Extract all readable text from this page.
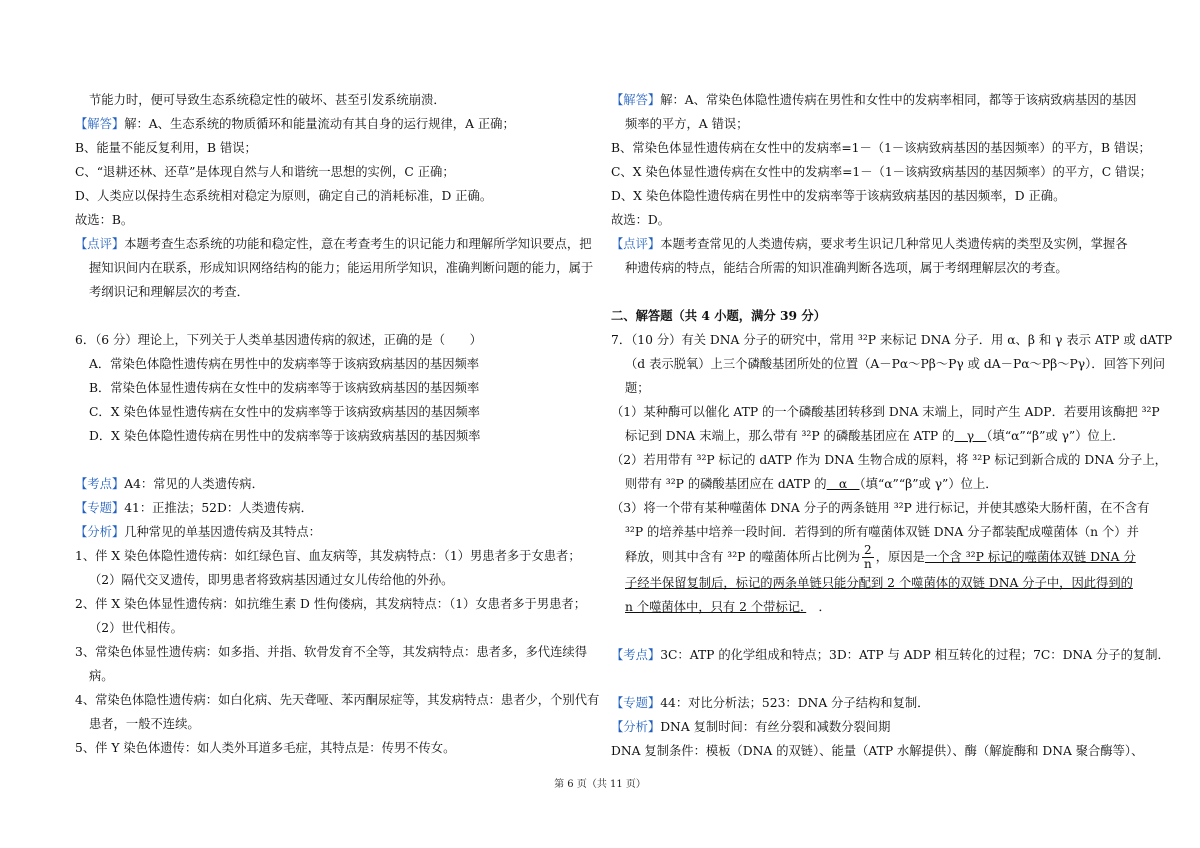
节能力时，便可导致生态系统稳定性的破坏、甚至引发系统崩溃．

【解答】解：A、生态系统的物质循环和能量流动有其自身的运行规律，A 正确；

B、能量不能反复利用，B 错误；

C、“退耕还林、还草”是体现自然与人和谐统一思想的实例，C 正确；

D、人类应以保持生态系统相对稳定为原则，确定自己的消耗标准，D 正确。

故选：B。

【点评】本题考查生态系统的功能和稳定性，意在考查考生的识记能力和理解所学知识要点，把

握知识间内在联系，形成知识网络结构的能力；能运用所学知识，准确判断问题的能力，属于

考纲识记和理解层次的考查．

6．（6 分）理论上，下列关于人类单基因遗传病的叙述，正确的是（　　）

A．常染色体隐性遗传病在男性中的发病率等于该病致病基因的基因频率

B．常染色体显性遗传病在女性中的发病率等于该病致病基因的基因频率

C．X 染色体显性遗传病在女性中的发病率等于该病致病基因的基因频率

D．X 染色体隐性遗传病在男性中的发病率等于该病致病基因的基因频率

【考点】A4：常见的人类遗传病．

【专题】41：正推法；52D：人类遗传病．

【分析】几种常见的单基因遗传病及其特点：

1、伴 X 染色体隐性遗传病：如红绿色盲、血友病等，其发病特点：（1）男患者多于女患者；

（2）隔代交叉遗传，即男患者将致病基因通过女儿传给他的外孙。

2、伴 X 染色体显性遗传病：如抗维生素 D 性佝偻病，其发病特点：（1）女患者多于男患者；

（2）世代相传。

3、常染色体显性遗传病：如多指、并指、软骨发育不全等，其发病特点：患者多，多代连续得

病。

4、常染色体隐性遗传病：如白化病、先天聋哑、苯丙酮尿症等，其发病特点：患者少，个别代有

患者，一般不连续。

5、伴 Y 染色体遗传：如人类外耳道多毛症，其特点是：传男不传女。

【解答】解：A、常染色体隐性遗传病在男性和女性中的发病率相同，都等于该病致病基因的基因

频率的平方，A 错误；

B、常染色体显性遗传病在女性中的发病率=1－（1－该病致病基因的基因频率）的平方，B 错误；

C、X 染色体显性遗传病在女性中的发病率=1－（1－该病致病基因的基因频率）的平方，C 错误；

D、X 染色体隐性遗传病在男性中的发病率等于该病致病基因的基因频率，D 正确。

故选：D。

【点评】本题考查常见的人类遗传病，要求考生识记几种常见人类遗传病的类型及实例，掌握各

种遗传病的特点，能结合所需的知识准确判断各选项，属于考纲理解层次的考查。

二、解答题（共 4 小题，满分 39 分）

7．（10 分）有关 DNA 分子的研究中，常用 ³²P 来标记 DNA 分子．用 α、β 和 γ 表示 ATP 或 dATP

（d 表示脱氧）上三个磷酸基团所处的位置（A－Pα～Pβ～Pγ 或 dA－Pα～Pβ～Pγ）．回答下列问

题；

（1）某种酶可以催化 ATP 的一个磷酸基团转移到 DNA 末端上，同时产生 ADP．若要用该酶把 ³²P

标记到 DNA 末端上，那么带有 ³²P 的磷酸基团应在 ATP 的　γ　（填“α”“β”或 γ”）位上．

（2）若用带有 ³²P 标记的 dATP 作为 DNA 生物合成的原料，将 ³²P 标记到新合成的 DNA 分子上，

则带有 ³²P 的磷酸基团应在 dATP 的　α　（填“α”“β”或 γ”）位上．

（3）将一个带有某种噬菌体 DNA 分子的两条链用 ³²P 进行标记，并使其感染大肠杆菌，在不含有

³²P 的培养基中培养一段时间．若得到的所有噬菌体双链 DNA 分子都装配成噬菌体（n 个）并

释放，则其中含有 ³²P 的噬菌体所占比例为 $\frac{2}{n}$ ，原因是一个含 ³²P 标记的噬菌体双链 DNA 分

子经半保留复制后，标记的两条单链只能分配到 2 个噬菌体的双链 DNA 分子中，因此得到的

n 个噬菌体中，只有 2 个带标记．　．

【考点】3C：ATP 的化学组成和特点；3D：ATP 与 ADP 相互转化的过程；7C：DNA 分子的复制．

【专题】44：对比分析法；523：DNA 分子结构和复制．

【分析】DNA 复制时间：有丝分裂和减数分裂间期

DNA 复制条件：模板（DNA 的双链）、能量（ATP 水解提供）、酶（解旋酶和 DNA 聚合酶等）、

第 6 页（共 11 页）
